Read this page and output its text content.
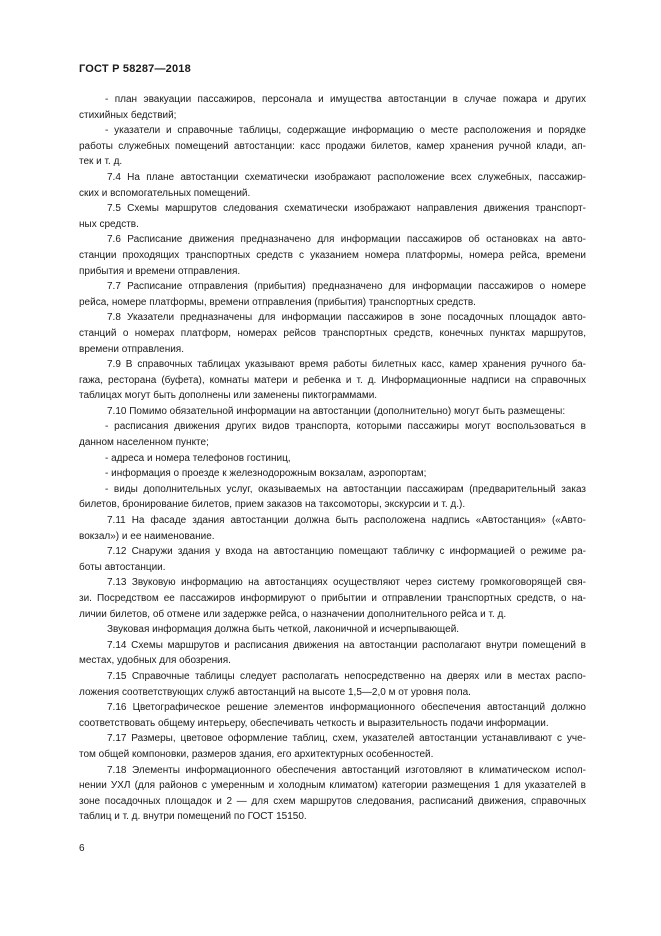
ГОСТ Р 58287—2018
- план эвакуации пассажиров, персонала и имущества автостанции в случае пожара и других
стихийных бедствий;
- указатели и справочные таблицы, содержащие информацию о месте расположения и порядке
работы служебных помещений автостанции: касс продажи билетов, камер хранения ручной клади, ап-
тек и т. д.
7.4 На плане автостанции схематически изображают расположение всех служебных, пассажир-
ских и вспомогательных помещений.
7.5 Схемы маршрутов следования схематически изображают направления движения транспорт-
ных средств.
7.6 Расписание движения предназначено для информации пассажиров об остановках на авто-
станции проходящих транспортных средств с указанием номера платформы, номера рейса, времени
прибытия и времени отправления.
7.7 Расписание отправления (прибытия) предназначено для информации пассажиров о номере
рейса, номере платформы, времени отправления (прибытия) транспортных средств.
7.8 Указатели предназначены для информации пассажиров в зоне посадочных площадок авто-
станций о номерах платформ, номерах рейсов транспортных средств, конечных пунктах маршрутов,
времени отправления.
7.9 В справочных таблицах указывают время работы билетных касс, камер хранения ручного ба-
гажа, ресторана (буфета), комнаты матери и ребенка и т. д. Информационные надписи на справочных
таблицах могут быть дополнены или заменены пиктограммами.
7.10 Помимо обязательной информации на автостанции (дополнительно) могут быть размещены:
- расписания движения других видов транспорта, которыми пассажиры могут воспользоваться в
данном населенном пункте;
- адреса и номера телефонов гостиниц,
- информация о проезде к железнодорожным вокзалам, аэропортам;
- виды дополнительных услуг, оказываемых на автостанции пассажирам (предварительный заказ
билетов, бронирование билетов, прием заказов на таксомоторы, экскурсии и т. д.).
7.11 На фасаде здания автостанции должна быть расположена надпись «Автостанция» («Авто-
вокзал») и ее наименование.
7.12 Снаружи здания у входа на автостанцию помещают табличку с информацией о режиме ра-
боты автостанции.
7.13 Звуковую информацию на автостанциях осуществляют через систему громкоговорящей свя-
зи. Посредством ее пассажиров информируют о прибытии и отправлении транспортных средств, о на-
личии билетов, об отмене или задержке рейса, о назначении дополнительного рейса и т. д.
Звуковая информация должна быть четкой, лаконичной и исчерпывающей.
7.14 Схемы маршрутов и расписания движения на автостанции располагают внутри помещений в
местах, удобных для обозрения.
7.15 Справочные таблицы следует располагать непосредственно на дверях или в местах распо-
ложения соответствующих служб автостанций на высоте 1,5—2,0 м от уровня пола.
7.16 Цветографическое решение элементов информационного обеспечения автостанций должно
соответствовать общему интерьеру, обеспечивать четкость и выразительность подачи информации.
7.17 Размеры, цветовое оформление таблиц, схем, указателей автостанции устанавливают с уче-
том общей компоновки, размеров здания, его архитектурных особенностей.
7.18 Элементы информационного обеспечения автостанций изготовляют в климатическом испол-
нении УХЛ (для районов с умеренным и холодным климатом) категории размещения 1 для указателей в
зоне посадочных площадок и 2 — для схем маршрутов следования, расписаний движения, справочных
таблиц и т. д. внутри помещений по ГОСТ 15150.
6
